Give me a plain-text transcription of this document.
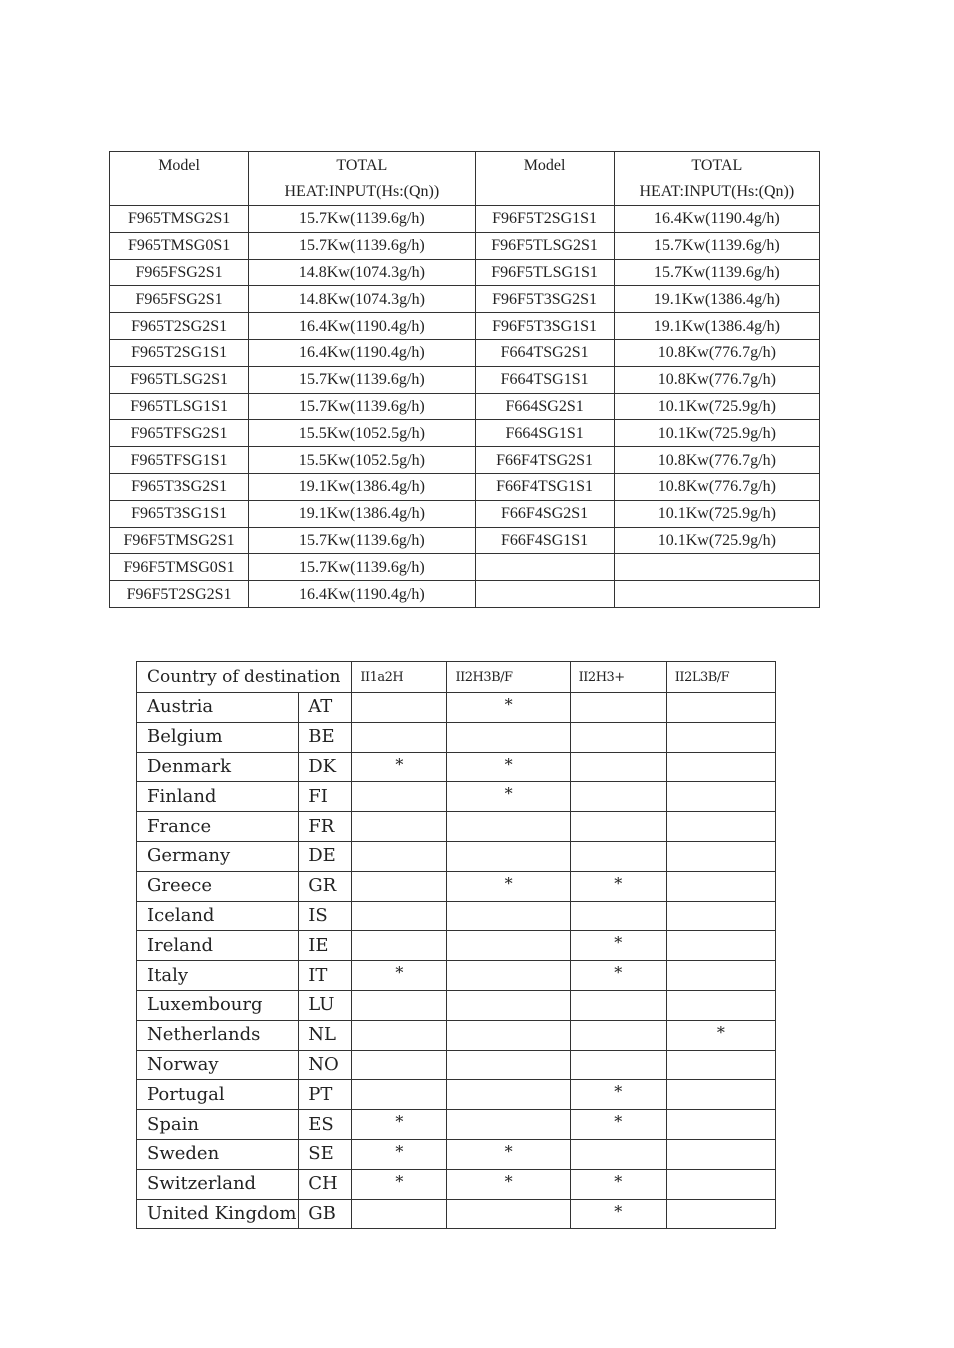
Model	TOTAL
HEAT:INPUT(Hs:(Qn))	Model	TOTAL
HEAT:INPUT(Hs:(Qn))
F965TMSG2S1	15.7Kw(1139.6g/h)	F96F5T2SG1S1	16.4Kw(1190.4g/h)
F965TMSG0S1	15.7Kw(1139.6g/h)	F96F5TLSG2S1	15.7Kw(1139.6g/h)
F965FSG2S1	14.8Kw(1074.3g/h)	F96F5TLSG1S1	15.7Kw(1139.6g/h)
F965FSG2S1	14.8Kw(1074.3g/h)	F96F5T3SG2S1	19.1Kw(1386.4g/h)
F965T2SG2S1	16.4Kw(1190.4g/h)	F96F5T3SG1S1	19.1Kw(1386.4g/h)
F965T2SG1S1	16.4Kw(1190.4g/h)	F664TSG2S1	10.8Kw(776.7g/h)
F965TLSG2S1	15.7Kw(1139.6g/h)	F664TSG1S1	10.8Kw(776.7g/h)
F965TLSG1S1	15.7Kw(1139.6g/h)	F664SG2S1	10.1Kw(725.9g/h)
F965TFSG2S1	15.5Kw(1052.5g/h)	F664SG1S1	10.1Kw(725.9g/h)
F965TFSG1S1	15.5Kw(1052.5g/h)	F66F4TSG2S1	10.8Kw(776.7g/h)
F965T3SG2S1	19.1Kw(1386.4g/h)	F66F4TSG1S1	10.8Kw(776.7g/h)
F965T3SG1S1	19.1Kw(1386.4g/h)	F66F4SG2S1	10.1Kw(725.9g/h)
F96F5TMSG2S1	15.7Kw(1139.6g/h)	F66F4SG1S1	10.1Kw(725.9g/h)
F96F5TMSG0S1	15.7Kw(1139.6g/h)		
F96F5T2SG2S1	16.4Kw(1190.4g/h)		
Country of destination		II1a2H	II2H3B/F	II2H3+	II2L3B/F
Austria	AT		*		
Belgium	BE				
Denmark	DK	*	*		
Finland	FI		*		
France	FR				
Germany	DE				
Greece	GR		*	*	
Iceland	IS				
Ireland	IE			*	
Italy	IT	*		*	
Luxembourg	LU				
Netherlands	NL				*
Norway	NO				
Portugal	PT			*	
Spain	ES	*		*	
Sweden	SE	*	*		
Switzerland	CH	*	*	*	
United Kingdom	GB			*	
